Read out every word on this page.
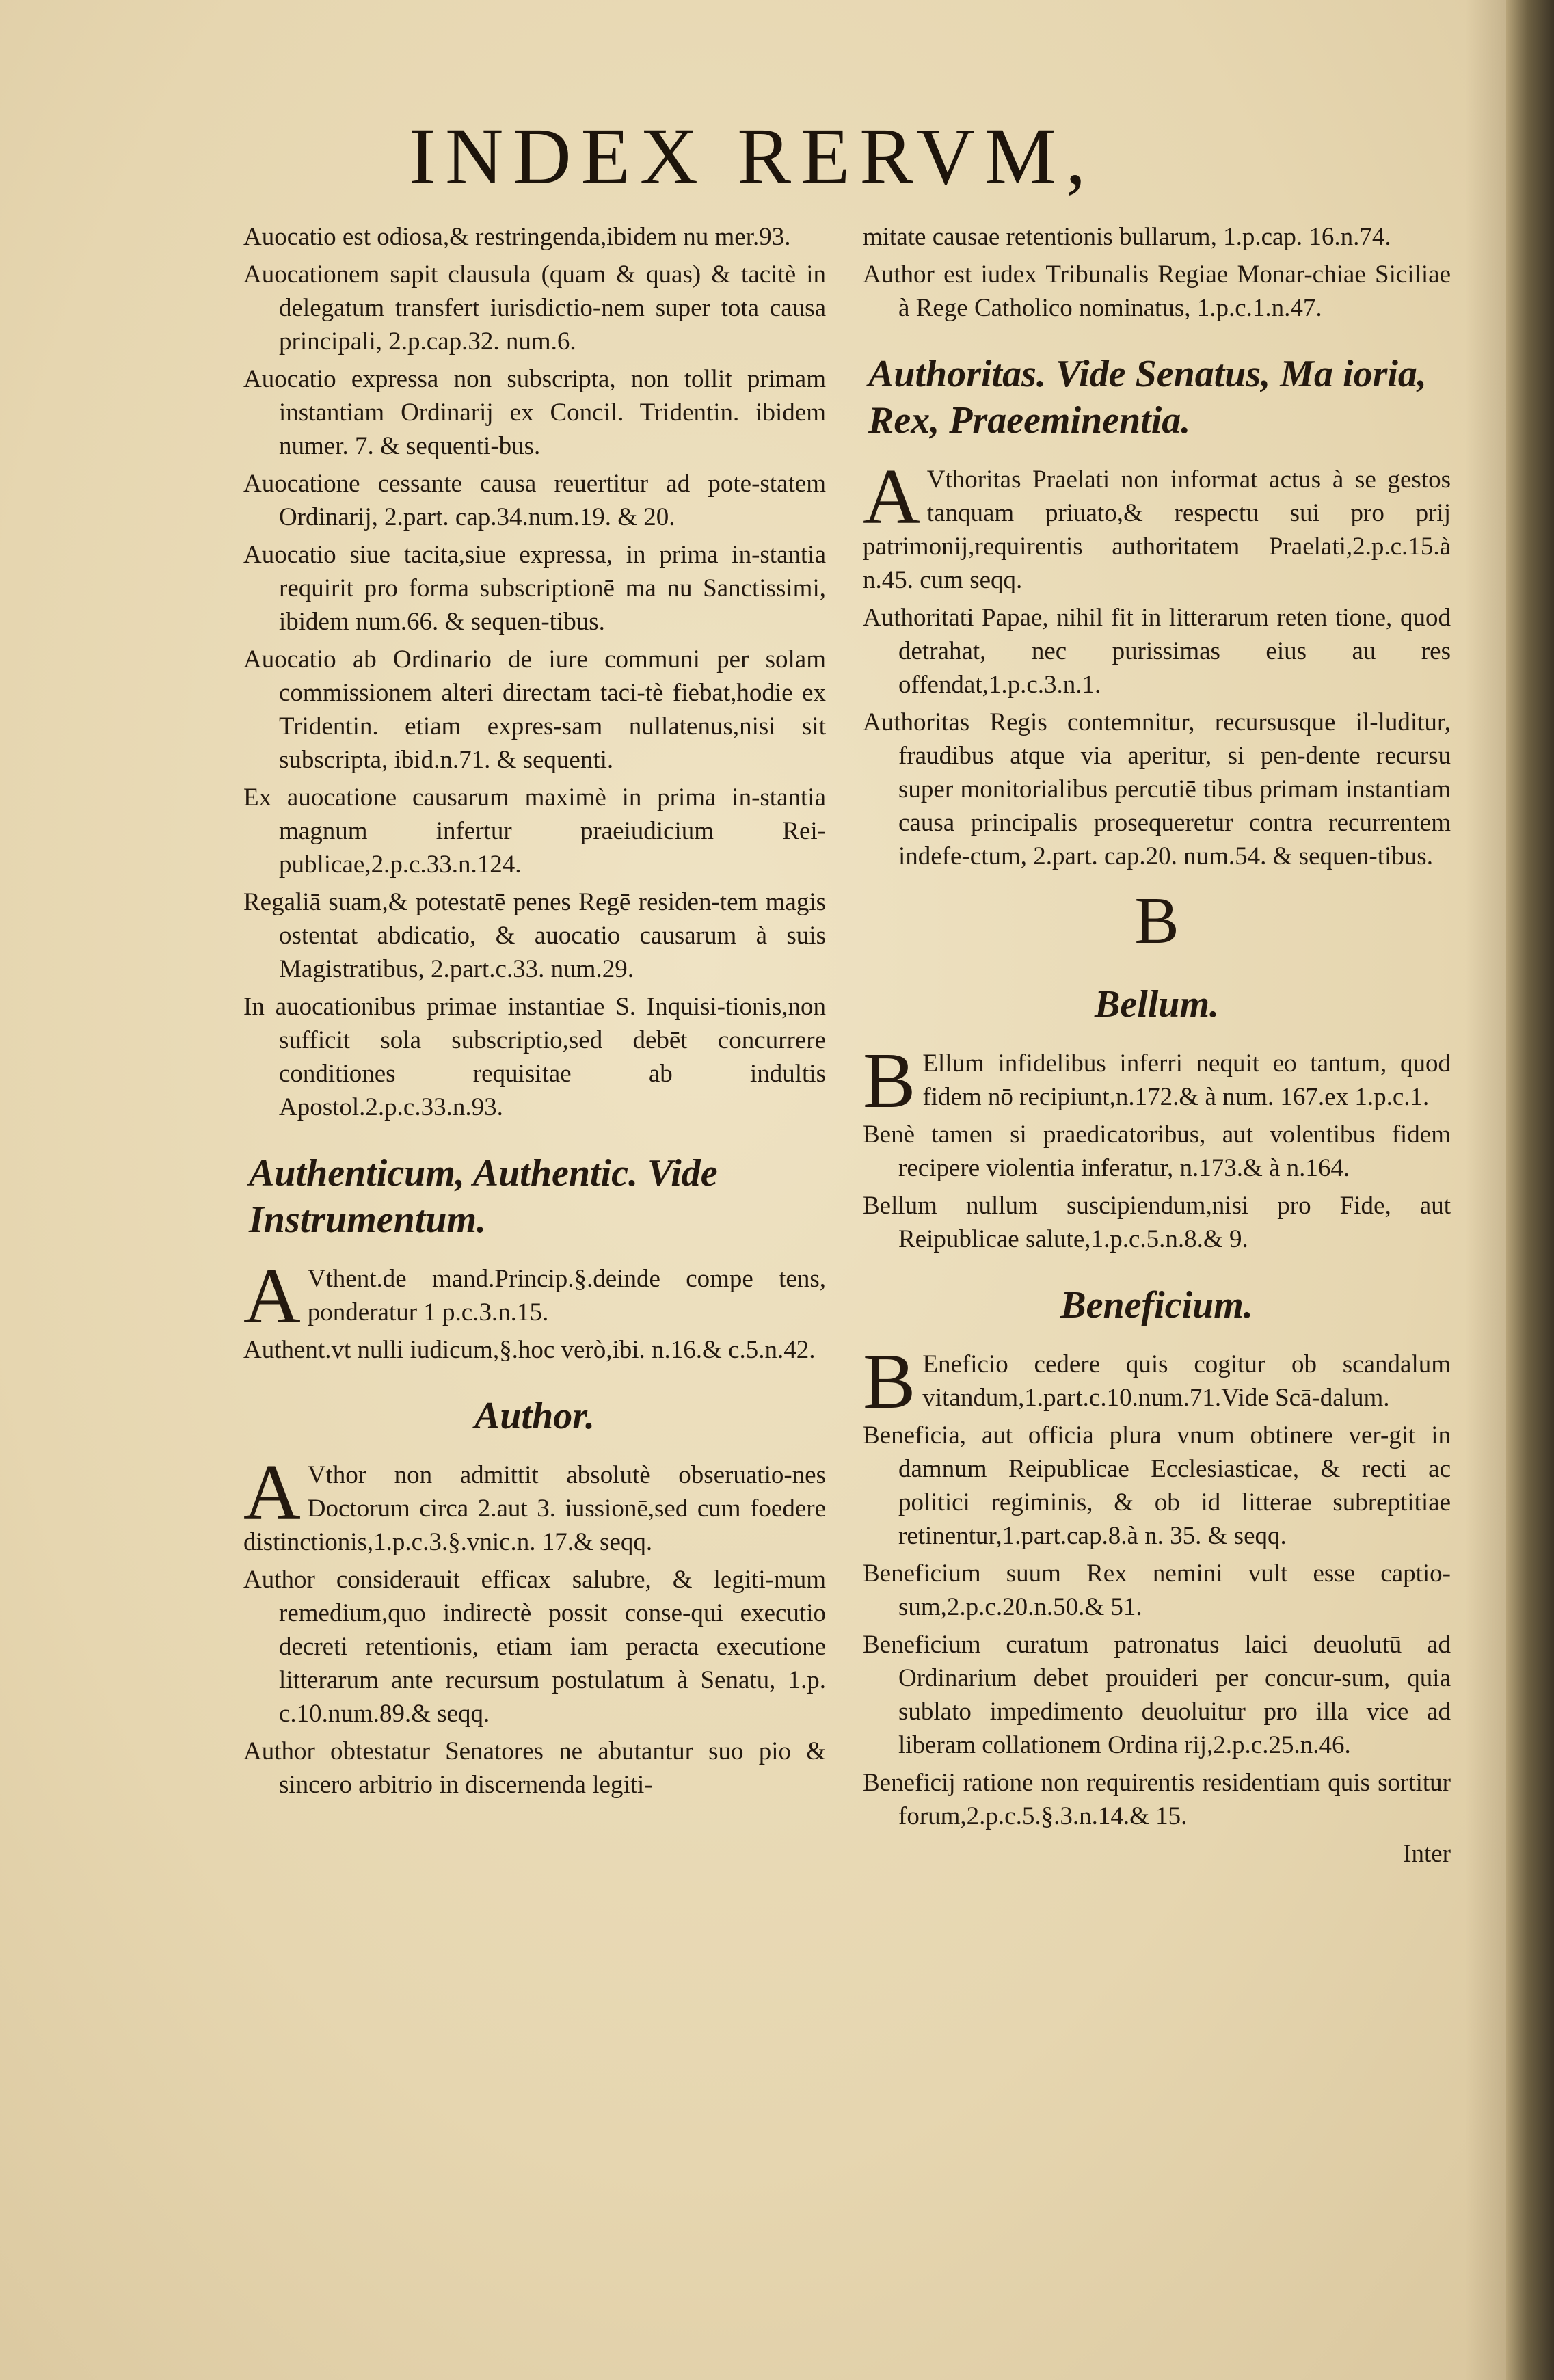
INDEX RERVM,

Auocatio est odiosa,& restringenda,ibidem nu mer.93.

Auocationem sapit clausula (quam & quas) & tacitè in delegatum transfert iurisdictio-nem super tota causa principali, 2.p.cap.32. num.6.

Auocatio expressa non subscripta, non tollit primam instantiam Ordinarij ex Concil. Tridentin. ibidem numer. 7. & sequenti-bus.

Auocatione cessante causa reuertitur ad pote-statem Ordinarij, 2.part. cap.34.num.19. & 20.

Auocatio siue tacita,siue expressa, in prima in-stantia requirit pro forma subscriptionē ma nu Sanctissimi, ibidem num.66. & sequen-tibus.

Auocatio ab Ordinario de iure communi per solam commissionem alteri directam taci-tè fiebat,hodie ex Tridentin. etiam expres-sam nullatenus,nisi sit subscripta, ibid.n.71. & sequenti.

Ex auocatione causarum maximè in prima in-stantia magnum infertur praeiudicium Rei-publicae,2.p.c.33.n.124.

Regaliā suam,& potestatē penes Regē residen-tem magis ostentat abdicatio, & auocatio causarum à suis Magistratibus, 2.part.c.33. num.29.

In auocationibus primae instantiae S. Inquisi-tionis,non sufficit sola subscriptio,sed debēt concurrere conditiones requisitae ab indultis Apostol.2.p.c.33.n.93.

Authenticum, Authentic. Vide Instrumentum.
A Vthent.de mand.Princip.§.deinde compe tens, ponderatur 1 p.c.3.n.15.

Authent.vt nulli iudicum,§.hoc verò,ibi. n.16.& c.5.n.42.

Author.
A Vthor non admittit absolutè obseruatio-nes Doctorum circa 2.aut 3. iussionē,sed cum foedere distinctionis,1.p.c.3.§.vnic.n. 17.& seqq.

Author considerauit efficax salubre, & legiti-mum remedium,quo indirectè possit conse-qui executio decreti retentionis, etiam iam peracta executione litterarum ante recursum postulatum à Senatu, 1.p. c.10.num.89.& seqq.

Author obtestatur Senatores ne abutantur suo pio & sincero arbitrio in discernenda legiti-

mitate causae retentionis bullarum, 1.p.cap. 16.n.74.

Author est iudex Tribunalis Regiae Monar-chiae Siciliae à Rege Catholico nominatus, 1.p.c.1.n.47.

Authoritas. Vide Senatus, Ma ioria, Rex, Praeeminentia.
A Vthoritas Praelati non informat actus à se gestos tanquam priuato,& respectu sui pro prij patrimonij,requirentis authoritatem Praelati,2.p.c.15.à n.45. cum seqq.

Authoritati Papae, nihil fit in litterarum reten tione, quod detrahat, nec purissimas eius au res offendat,1.p.c.3.n.1.

Authoritas Regis contemnitur, recursusque il-luditur, fraudibus atque via aperitur, si pen-dente recursu super monitorialibus percutiē tibus primam instantiam causa principalis prosequeretur contra recurrentem indefe-ctum, 2.part. cap.20. num.54. & sequen-tibus.

B
Bellum.
B Ellum infidelibus inferri nequit eo tantum, quod fidem nō recipiunt,n.172.& à num. 167.ex 1.p.c.1.

Benè tamen si praedicatoribus, aut volentibus fidem recipere violentia inferatur, n.173.& à n.164.

Bellum nullum suscipiendum,nisi pro Fide, aut Reipublicae salute,1.p.c.5.n.8.& 9.

Beneficium.
B Eneficio cedere quis cogitur ob scandalum vitandum,1.part.c.10.num.71.Vide Scā-dalum.

Beneficia, aut officia plura vnum obtinere ver-git in damnum Reipublicae Ecclesiasticae, & recti ac politici regiminis, & ob id litterae subreptitiae retinentur,1.part.cap.8.à n. 35. & seqq.

Beneficium suum Rex nemini vult esse captio-sum,2.p.c.20.n.50.& 51.

Beneficium curatum patronatus laici deuolutū ad Ordinarium debet prouideri per concur-sum, quia sublato impedimento deuoluitur pro illa vice ad liberam collationem Ordina rij,2.p.c.25.n.46.

Beneficij ratione non requirentis residentiam quis sortitur forum,2.p.c.5.§.3.n.14.& 15.

Inter
